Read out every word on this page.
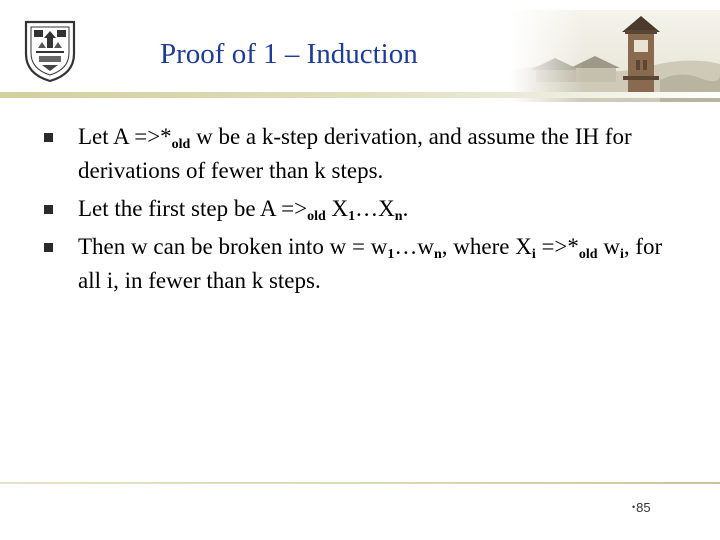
Proof of 1 – Induction
Let $A =>*_{old}$ w be a k-step derivation, and assume the IH for derivations of fewer than k steps.
Let the first step be $A =>_{old}$ $X_1\dots X_n$.
Then w can be broken into $w = w_1\dots w_n$, where $X_i =>*_{old}$ $w_i$, for all i, in fewer than k steps.
•85
